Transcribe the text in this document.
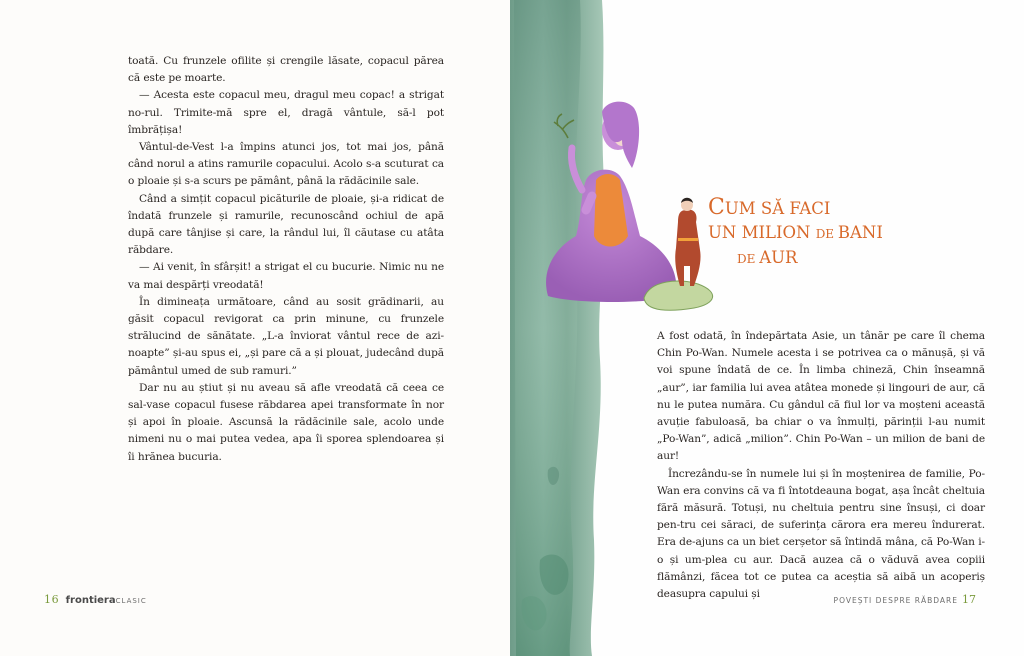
toată. Cu frunzele ofilite și crengile lăsate, copacul părea că este pe moarte.

— Acesta este copacul meu, dragul meu copac! a strigat no-rul. Trimite-mă spre el, dragă vântule, să-l pot îmbrățișa!

Vântul-de-Vest l-a împins atunci jos, tot mai jos, până când norul a atins ramurile copacului. Acolo s-a scuturat ca o ploaie și s-a scurs pe pământ, până la rădăcinile sale.

Când a simțit copacul picăturile de ploaie, și-a ridicat de îndată frunzele și ramurile, recunoscând ochiul de apă după care tânjise și care, la rândul lui, îl căutase cu atâta răbdare.

— Ai venit, în sfârșit! a strigat el cu bucurie. Nimic nu ne va mai despărți vreodată!

În dimineața următoare, când au sosit grădinarii, au găsit copacul revigorat ca prin minune, cu frunzele strălucind de sănătate. „L-a înviorat vântul rece de azi-noapte” și-au spus ei, „și pare că a și plouat, judecând după pământul umed de sub ramuri.”

Dar nu au știut și nu aveau să afle vreodată că ceea ce sal-vase copacul fusese răbdarea apei transformate în nor și apoi în ploaie. Ascunsă la rădăcinile sale, acolo unde nimeni nu o mai putea vedea, apa îi sporea splendoarea și îi hrănea bucuria.

16 frontieraCLASIC
CUM SĂ FACI
UN MILION DE BANI
DE AUR

A fost odată, în îndepărtata Asie, un tânăr pe care îl chema Chin Po-Wan. Numele acesta i se potrivea ca o mănușă, și vă voi spune îndată de ce. În limba chineză, Chin înseamnă „aur”, iar familia lui avea atâtea monede și lingouri de aur, că nu le putea număra. Cu gândul că fiul lor va moșteni această avuție fabuloasă, ba chiar o va înmulți, părinții l-au numit „Po-Wan”, adică „milion”. Chin Po-Wan – un milion de bani de aur!

Încrezându-se în numele lui și în moștenirea de familie, Po-Wan era convins că va fi întotdeauna bogat, așa încât cheltuia fără măsură. Totuși, nu cheltuia pentru sine însuși, ci doar pen-tru cei săraci, de suferința cărora era mereu îndurerat. Era de-ajuns ca un biet cerșetor să întindă mâna, că Po-Wan i-o și um-plea cu aur. Dacă auzea că o văduvă avea copiii flămânzi, făcea tot ce putea ca aceștia să aibă un acoperiș deasupra capului și

POVEȘTI DESPRE RĂBDARE 17
